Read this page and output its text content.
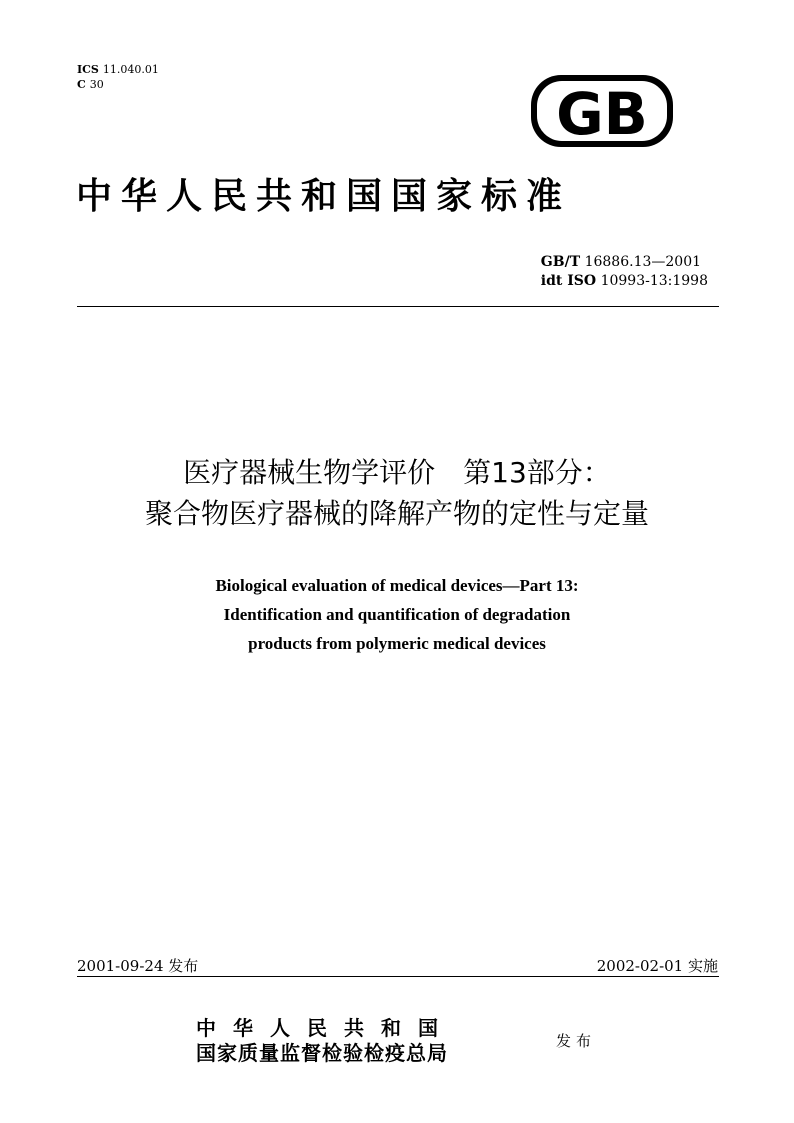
ICS 11.040.01
C 30	GB
中华人民共和国国家标准
GB/T 16886.13—2001
idt ISO 10993-13:1998
医疗器械生物学评价　第13部分：
聚合物医疗器械的降解产物的定性与定量
Biological evaluation of medical devices—Part 13:
Identification and quantification of degradation
products from polymeric medical devices
2001-09-24 发布	2002-02-01 实施
中华人民共和国
国家质量监督检验检疫总局	发布
